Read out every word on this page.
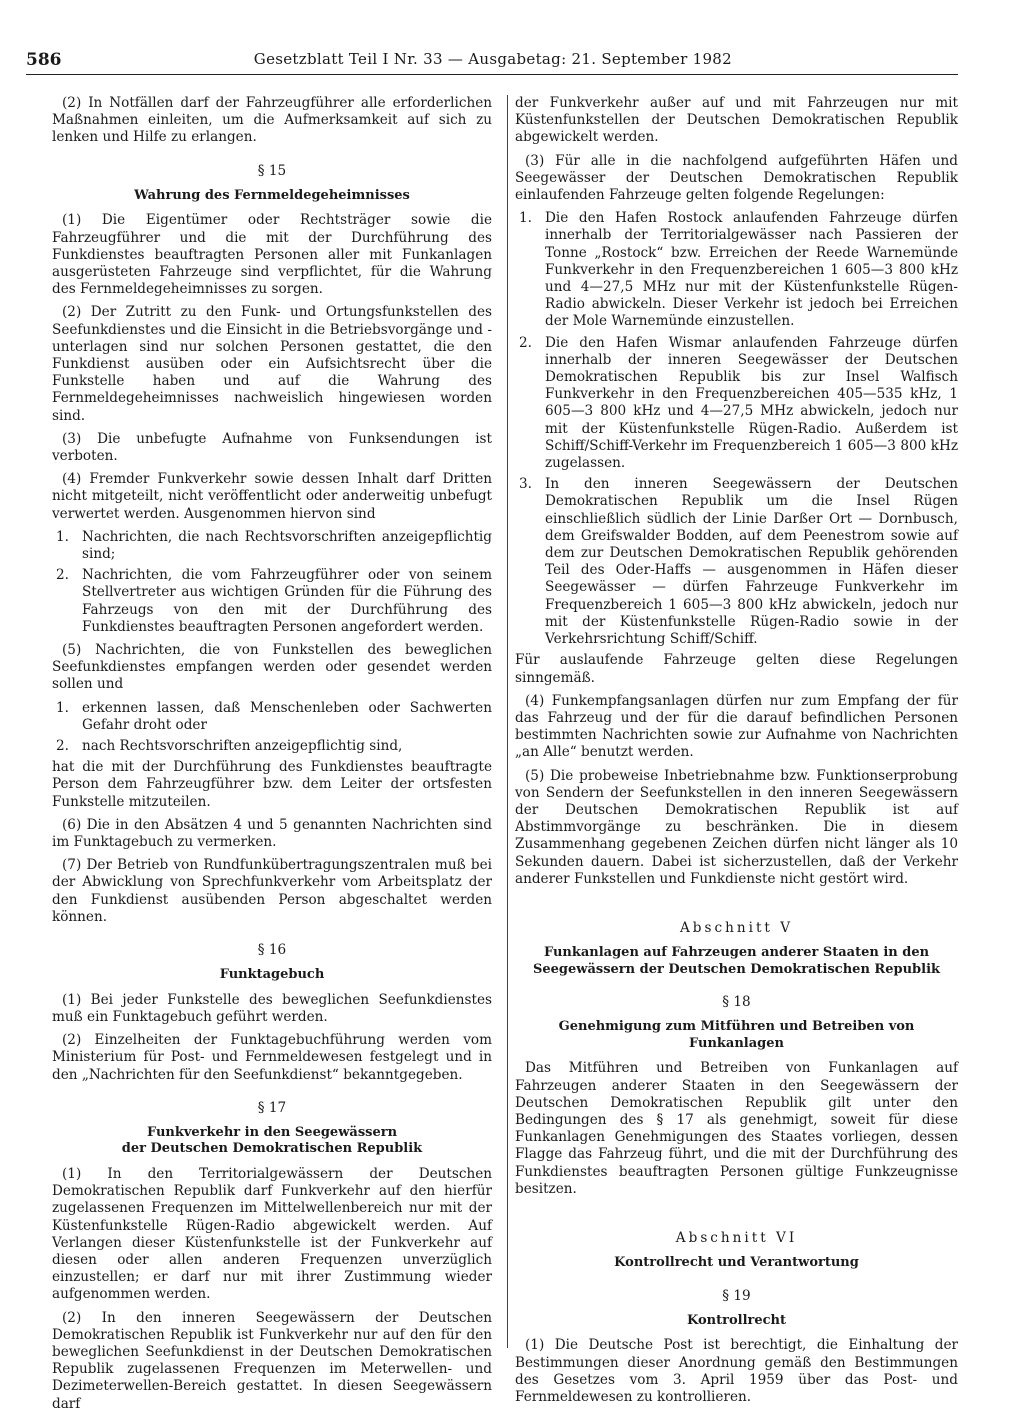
586	Gesetzblatt Teil I Nr. 33 — Ausgabetag: 21. September 1982

(2) In Notfällen darf der Fahrzeugführer alle erforderlichen Maßnahmen einleiten, um die Aufmerksamkeit auf sich zu lenken und Hilfe zu erlangen.

§ 15
Wahrung des Fernmeldegeheimnisses

(1) Die Eigentümer oder Rechtsträger sowie die Fahrzeugführer und die mit der Durchführung des Funkdienstes beauftragten Personen aller mit Funkanlagen ausgerüsteten Fahrzeuge sind verpflichtet, für die Wahrung des Fernmeldegeheimnisses zu sorgen.

(2) Der Zutritt zu den Funk- und Ortungsfunkstellen des Seefunkdienstes und die Einsicht in die Betriebsvorgänge und -unterlagen sind nur solchen Personen gestattet, die den Funkdienst ausüben oder ein Aufsichtsrecht über die Funkstelle haben und auf die Wahrung des Fernmeldegeheimnisses nachweislich hingewiesen worden sind.

(3) Die unbefugte Aufnahme von Funksendungen ist verboten.

(4) Fremder Funkverkehr sowie dessen Inhalt darf Dritten nicht mitgeteilt, nicht veröffentlicht oder anderweitig unbefugt verwertet werden. Ausgenommen hiervon sind

1. Nachrichten, die nach Rechtsvorschriften anzeigepflichtig sind;
2. Nachrichten, die vom Fahrzeugführer oder von seinem Stellvertreter aus wichtigen Gründen für die Führung des Fahrzeugs von den mit der Durchführung des Funkdienstes beauftragten Personen angefordert werden.

(5) Nachrichten, die von Funkstellen des beweglichen Seefunkdienstes empfangen werden oder gesendet werden sollen und

1. erkennen lassen, daß Menschenleben oder Sachwerten Gefahr droht oder
2. nach Rechtsvorschriften anzeigepflichtig sind,

hat die mit der Durchführung des Funkdienstes beauftragte Person dem Fahrzeugführer bzw. dem Leiter der ortsfesten Funkstelle mitzuteilen.

(6) Die in den Absätzen 4 und 5 genannten Nachrichten sind im Funktagebuch zu vermerken.

(7) Der Betrieb von Rundfunkübertragungszentralen muß bei der Abwicklung von Sprechfunkverkehr vom Arbeitsplatz der den Funkdienst ausübenden Person abgeschaltet werden können.

§ 16
Funktagebuch

(1) Bei jeder Funkstelle des beweglichen Seefunkdienstes muß ein Funktagebuch geführt werden.

(2) Einzelheiten der Funktagebuchführung werden vom Ministerium für Post- und Fernmeldewesen festgelegt und in den „Nachrichten für den Seefunkdienst“ bekanntgegeben.

§ 17
Funkverkehr in den Seegewässern
der Deutschen Demokratischen Republik

(1) In den Territorialgewässern der Deutschen Demokratischen Republik darf Funkverkehr auf den hierfür zugelassenen Frequenzen im Mittelwellenbereich nur mit der Küstenfunkstelle Rügen-Radio abgewickelt werden. Auf Verlangen dieser Küstenfunkstelle ist der Funkverkehr auf diesen oder allen anderen Frequenzen unverzüglich einzustellen; er darf nur mit ihrer Zustimmung wieder aufgenommen werden.

(2) In den inneren Seegewässern der Deutschen Demokratischen Republik ist Funkverkehr nur auf den für den beweglichen Seefunkdienst in der Deutschen Demokratischen Republik zugelassenen Frequenzen im Meterwellen- und Dezimeterwellen-Bereich gestattet. In diesen Seegewässern darf

der Funkverkehr außer auf und mit Fahrzeugen nur mit Küstenfunkstellen der Deutschen Demokratischen Republik abgewickelt werden.

(3) Für alle in die nachfolgend aufgeführten Häfen und Seegewässer der Deutschen Demokratischen Republik einlaufenden Fahrzeuge gelten folgende Regelungen:

1. Die den Hafen Rostock anlaufenden Fahrzeuge dürfen innerhalb der Territorialgewässer nach Passieren der Tonne „Rostock“ bzw. Erreichen der Reede Warnemünde Funkverkehr in den Frequenzbereichen 1 605—3 800 kHz und 4—27,5 MHz nur mit der Küstenfunkstelle Rügen-Radio abwickeln. Dieser Verkehr ist jedoch bei Erreichen der Mole Warnemünde einzustellen.
2. Die den Hafen Wismar anlaufenden Fahrzeuge dürfen innerhalb der inneren Seegewässer der Deutschen Demokratischen Republik bis zur Insel Walfisch Funkverkehr in den Frequenzbereichen 405—535 kHz, 1 605—3 800 kHz und 4—27,5 MHz abwickeln, jedoch nur mit der Küstenfunkstelle Rügen-Radio. Außerdem ist Schiff/Schiff-Verkehr im Frequenzbereich 1 605—3 800 kHz zugelassen.
3. In den inneren Seegewässern der Deutschen Demokratischen Republik um die Insel Rügen einschließlich südlich der Linie Darßer Ort — Dornbusch, dem Greifswalder Bodden, auf dem Peenestrom sowie auf dem zur Deutschen Demokratischen Republik gehörenden Teil des Oder-Haffs — ausgenommen in Häfen dieser Seegewässer — dürfen Fahrzeuge Funkverkehr im Frequenzbereich 1 605—3 800 kHz abwickeln, jedoch nur mit der Küstenfunkstelle Rügen-Radio sowie in der Verkehrsrichtung Schiff/Schiff.

Für auslaufende Fahrzeuge gelten diese Regelungen sinngemäß.

(4) Funkempfangsanlagen dürfen nur zum Empfang der für das Fahrzeug und der für die darauf befindlichen Personen bestimmten Nachrichten sowie zur Aufnahme von Nachrichten „an Alle“ benutzt werden.

(5) Die probeweise Inbetriebnahme bzw. Funktionserprobung von Sendern der Seefunkstellen in den inneren Seegewässern der Deutschen Demokratischen Republik ist auf Abstimmvorgänge zu beschränken. Die in diesem Zusammenhang gegebenen Zeichen dürfen nicht länger als 10 Sekunden dauern. Dabei ist sicherzustellen, daß der Verkehr anderer Funkstellen und Funkdienste nicht gestört wird.

Abschnitt V
Funkanlagen auf Fahrzeugen anderer Staaten in den
Seegewässern der Deutschen Demokratischen Republik
§ 18
Genehmigung zum Mitführen und Betreiben von
Funkanlagen

Das Mitführen und Betreiben von Funkanlagen auf Fahrzeugen anderer Staaten in den Seegewässern der Deutschen Demokratischen Republik gilt unter den Bedingungen des § 17 als genehmigt, soweit für diese Funkanlagen Genehmigungen des Staates vorliegen, dessen Flagge das Fahrzeug führt, und die mit der Durchführung des Funkdienstes beauftragten Personen gültige Funkzeugnisse besitzen.

Abschnitt VI
Kontrollrecht und Verantwortung
§ 19
Kontrollrecht

(1) Die Deutsche Post ist berechtigt, die Einhaltung der Bestimmungen dieser Anordnung gemäß den Bestimmungen des Gesetzes vom 3. April 1959 über das Post- und Fernmeldewesen zu kontrollieren.
